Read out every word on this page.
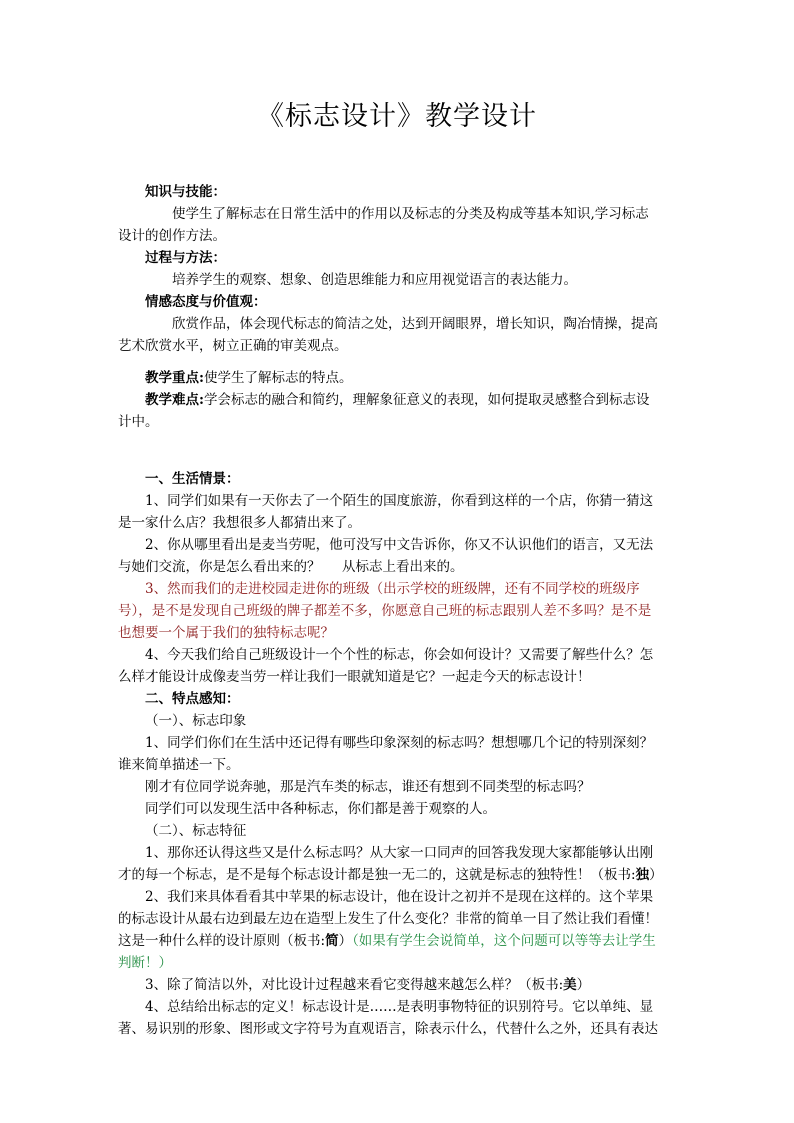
《标志设计》教学设计
知识与技能：
使学生了解标志在日常生活中的作用以及标志的分类及构成等基本知识,学习标志
设计的创作方法。
过程与方法：
培养学生的观察、想象、创造思维能力和应用视觉语言的表达能力。
情感态度与价值观：
欣赏作品，体会现代标志的简洁之处，达到开阔眼界，增长知识，陶冶情操，提高
艺术欣赏水平，树立正确的审美观点。
教学重点:使学生了解标志的特点。
教学难点:学会标志的融合和简约，理解象征意义的表现，如何提取灵感整合到标志设
计中。
一、生活情景：
1、同学们如果有一天你去了一个陌生的国度旅游，你看到这样的一个店，你猜一猜这
是一家什么店？我想很多人都猜出来了。
2、你从哪里看出是麦当劳呢，他可没写中文告诉你，你又不认识他们的语言，又无法
与她们交流，你是怎么看出来的？     从标志上看出来的。
3、然而我们的走进校园走进你的班级（出示学校的班级牌，还有不同学校的班级序
号），是不是发现自己班级的牌子都差不多，你愿意自己班的标志跟别人差不多吗？是不是
也想要一个属于我们的独特标志呢？
4、今天我们给自己班级设计一个个性的标志，你会如何设计？又需要了解些什么？怎
么样才能设计成像麦当劳一样让我们一眼就知道是它？一起走今天的标志设计！
二、特点感知：
（一）、标志印象
1、同学们你们在生活中还记得有哪些印象深刻的标志吗？想想哪几个记的特别深刻？
谁来简单描述一下。
刚才有位同学说奔驰，那是汽车类的标志，谁还有想到不同类型的标志吗？
同学们可以发现生活中各种标志，你们都是善于观察的人。
（二）、标志特征
1、那你还认得这些又是什么标志吗？从大家一口同声的回答我发现大家都能够认出刚
才的每一个标志，是不是每个标志设计都是独一无二的，这就是标志的独特性！（板书:独）
2、我们来具体看看其中苹果的标志设计，他在设计之初并不是现在这样的。这个苹果
的标志设计从最右边到最左边在造型上发生了什么变化？非常的简单一目了然让我们看懂！
这是一种什么样的设计原则（板书:简）（如果有学生会说简单，这个问题可以等等去让学生
判断！）
3、除了简洁以外，对比设计过程越来看它变得越来越怎么样？（板书:美）
4、总结给出标志的定义！标志设计是……是表明事物特征的识别符号。它以单纯、显
著、易识别的形象、图形或文字符号为直观语言，除表示什么，代替什么之外，还具有表达
